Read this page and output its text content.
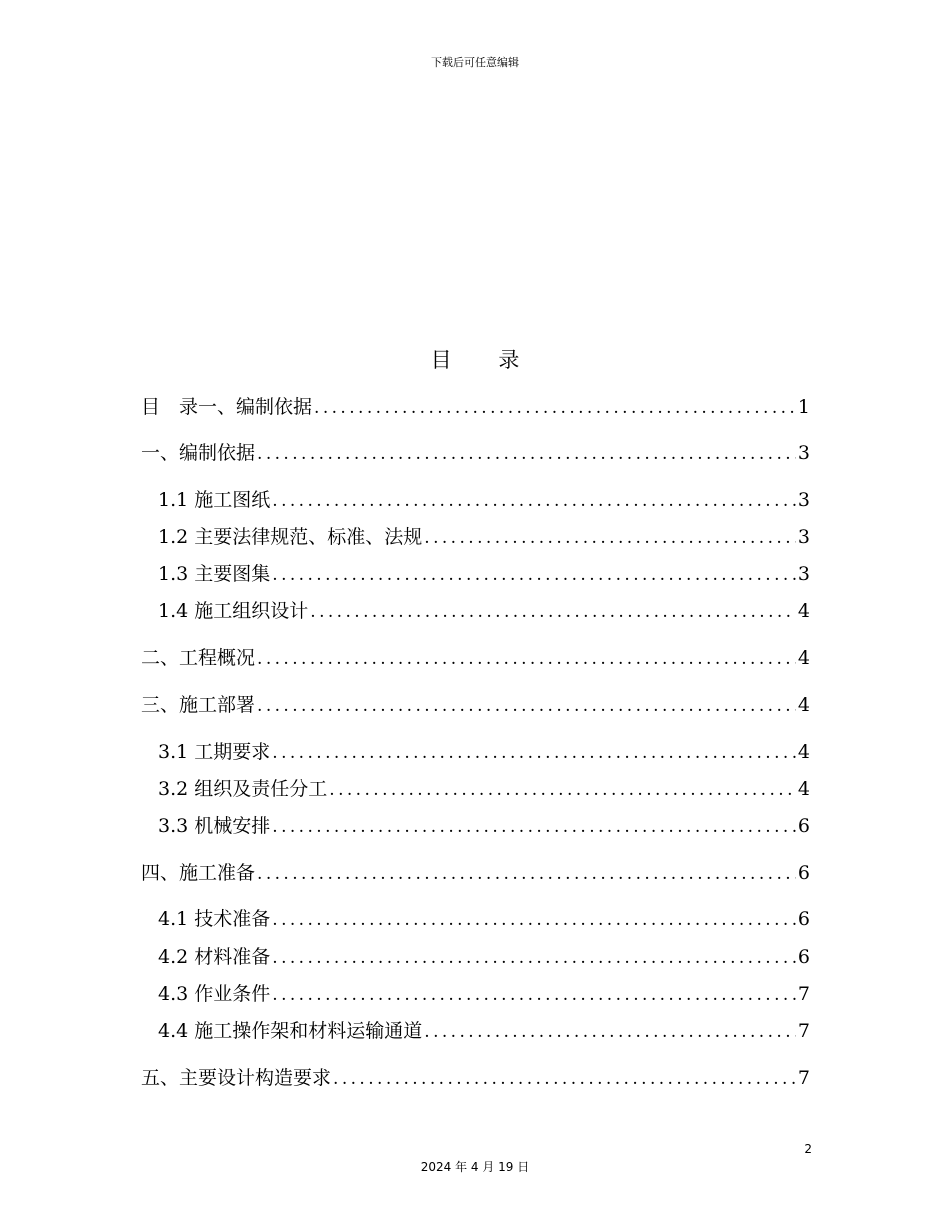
下载后可任意编辑
目 录
目　录一、编制依据 .....	1
一、编制依据 .....	3
1.1 施工图纸 .....	3
1.2 主要法律规范、标准、法规 .....	3
1.3 主要图集 .....	3
1.4 施工组织设计 .....	4
二、工程概况 .....	4
三、施工部署 .....	4
3.1 工期要求 .....	4
3.2 组织及责任分工 .....	4
3.3 机械安排 .....	6
四、施工准备 .....	6
4.1 技术准备 .....	6
4.2 材料准备 .....	6
4.3 作业条件 .....	7
4.4 施工操作架和材料运输通道 .....	7
五、主要设计构造要求 .....	7
2
2024 年 4 月 19 日
